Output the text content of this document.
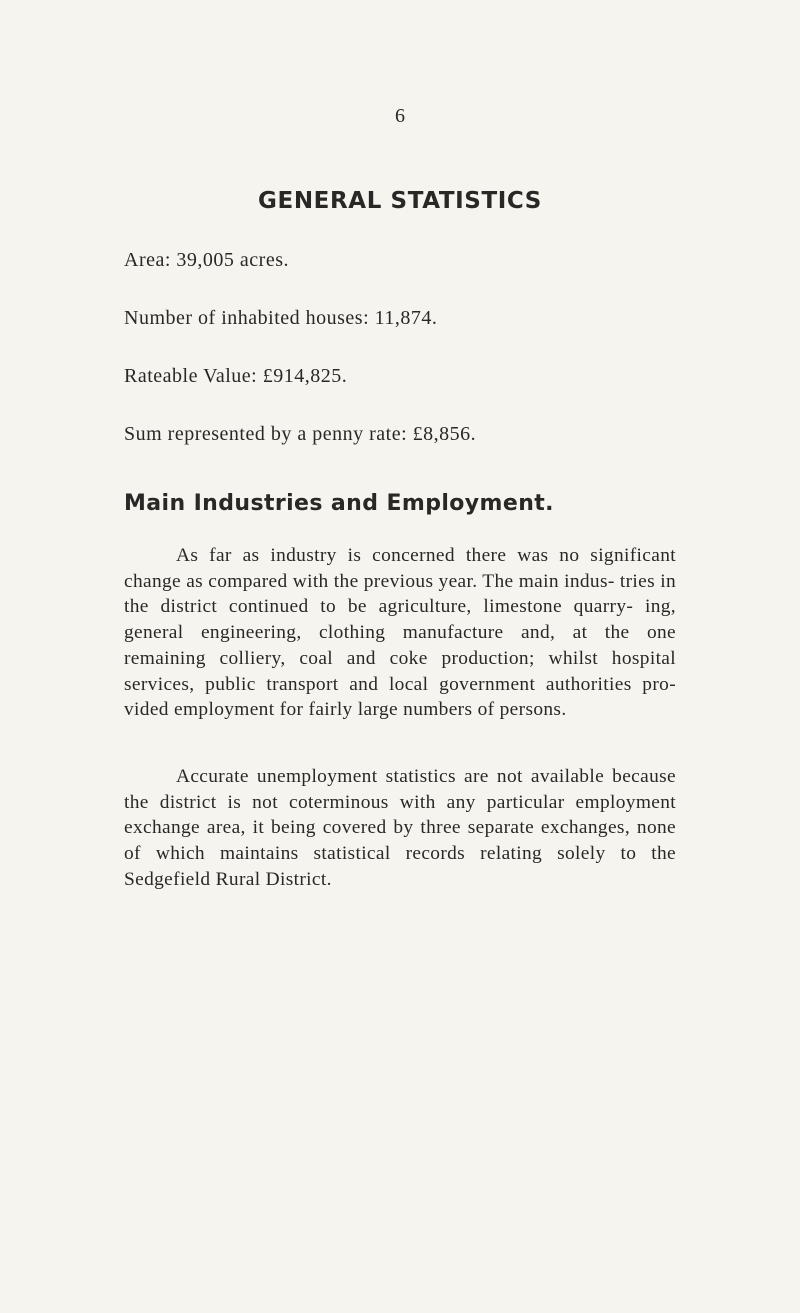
6
GENERAL STATISTICS
Area: 39,005 acres.
Number of inhabited houses: 11,874.
Rateable Value: £914,825.
Sum represented by a penny rate: £8,856.
Main Industries and Employment.

As far as industry is concerned there was no significant change as compared with the previous year. The main indus- tries in the district continued to be agriculture, limestone quarry- ing, general engineering, clothing manufacture and, at the one remaining colliery, coal and coke production; whilst hospital services, public transport and local government authorities pro- vided employment for fairly large numbers of persons.

Accurate unemployment statistics are not available because the district is not coterminous with any particular employment exchange area, it being covered by three separate exchanges, none of which maintains statistical records relating solely to the Sedgefield Rural District.
